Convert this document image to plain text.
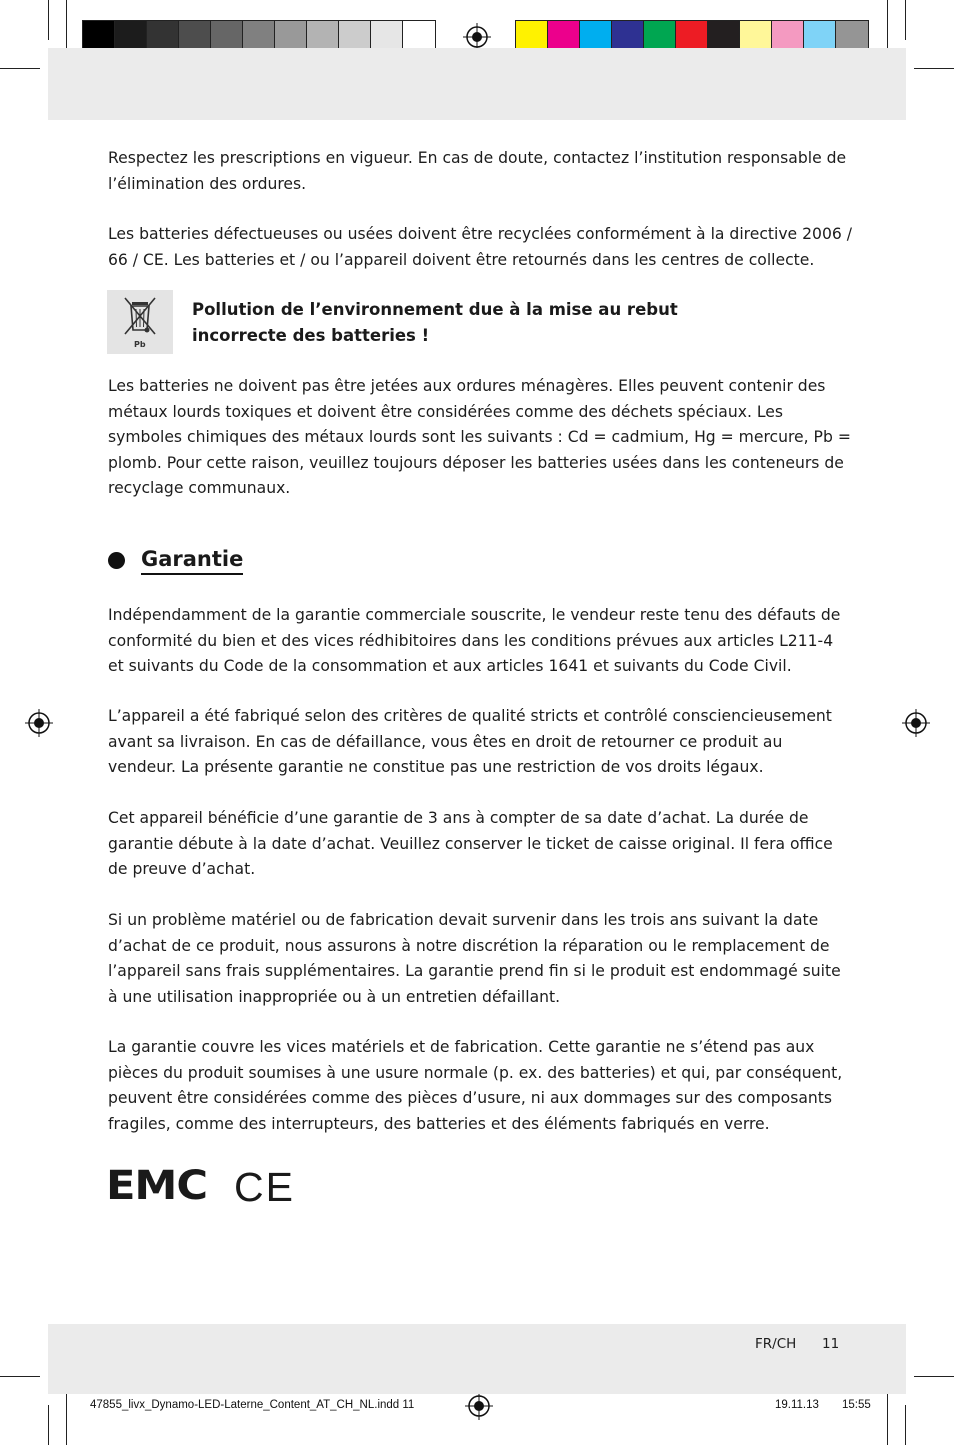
Respectez les prescriptions en vigueur. En cas de doute, contactez l’institution responsable de l’élimination des ordures.

Les batteries défectueuses ou usées doivent être recyclées conformément à la directive 2006 / 66 / CE. Les batteries et / ou l’appareil doivent être retournés dans les centres de collecte.

Pb
Pollution de l’environnement due à la mise au rebut
incorrecte des batteries !

Les batteries ne doivent pas être jetées aux ordures ménagères. Elles peuvent contenir des métaux lourds toxiques et doivent être considérées comme des déchets spéciaux. Les symboles chimiques des métaux lourds sont les suivants : Cd = cadmium, Hg = mercure, Pb = plomb. Pour cette raison, veuillez toujours déposer les batteries usées dans les conteneurs de recyclage communaux.

Garantie

Indépendamment de la garantie commerciale souscrite, le vendeur reste tenu des défauts de conformité du bien et des vices rédhibitoires dans les conditions prévues aux articles L211-4 et suivants du Code de la consommation et aux articles 1641 et suivants du Code Civil.

L’appareil a été fabriqué selon des critères de qualité stricts et contrôlé consciencieusement avant sa livraison. En cas de défaillance, vous êtes en droit de retourner ce produit au vendeur. La présente garantie ne constitue pas une restriction de vos droits légaux.

Cet appareil bénéficie d’une garantie de 3 ans à compter de sa date d’achat. La durée de garantie débute à la date d’achat. Veuillez conserver le ticket de caisse original. Il fera office de preuve d’achat.

Si un problème matériel ou de fabrication devait survenir dans les trois ans suivant la date d’achat de ce produit, nous assurons à notre discrétion la réparation ou le remplacement de l’appareil sans frais supplémentaires. La garantie prend fin si le produit est endommagé suite à une utilisation inappropriée ou à un entretien défaillant.

La garantie couvre les vices matériels et de fabrication. Cette garantie ne s’étend pas aux pièces du produit soumises à une usure normale (p. ex. des batteries) et qui, par conséquent, peuvent être considérées comme des pièces d’usure, ni aux dommages sur des composants fragiles, comme des interrupteurs, des batteries et des éléments fabriqués en verre.

EMC CE
FR/CH 11
47855_livx_Dynamo-LED-Laterne_Content_AT_CH_NL.indd 11	19.11.13 15:55
